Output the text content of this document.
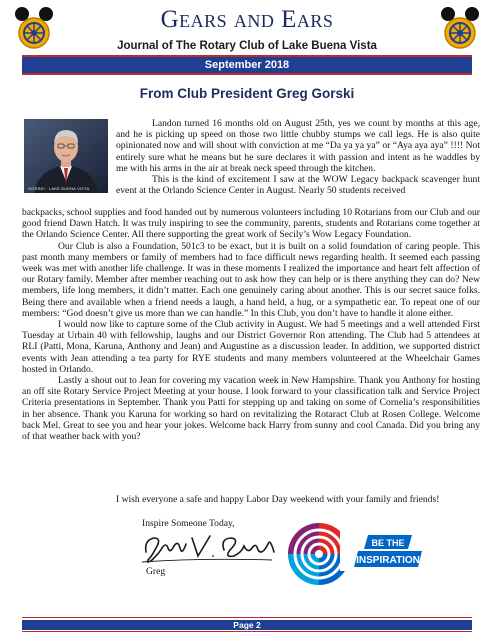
Gears and Ears
Journal of The Rotary Club of Lake Buena Vista
September 2018
From Club President Greg Gorski
GORSKI · LAKE BUENA VISTA

Landon turned 16 months old on August 25th, yes we count by months at this age, and he is picking up speed on those two little chubby stumps we call legs. He is also quite opinionated now and will shout with conviction at me “Da ya ya ya” or “Aya aya aya” !!!! Not entirely sure what he means but he sure declares it with passion and intent as he waddles by me with his arms in the air at break neck speed through the kitchen.

This is the kind of excitement I saw at the WOW Legacy backpack scavenger hunt event at the Orlando Science Center in August. Nearly 50 students received

backpacks, school supplies and food handed out by numerous volunteers including 10 Rotarians from our Club and our good friend Dawn Hatch. It was truly inspiring to see the community, parents, students and Rotarians come together at the Orlando Science Center. All there supporting the great work of Secily’s Wow Legacy Foundation.

Our Club is also a Foundation, 501c3 to be exact, but it is built on a solid foundation of caring people. This past month many members or family of members had to face difficult news regarding health. It seemed each passing week was met with another life challenge. It was in these moments I realized the importance and heart felt affection of our Rotary family. Member after member reaching out to ask how they can help or is there anything they can do? New members, life long members, it didn’t matter. Each one genuinely caring about another. This is our secret sauce folks. Being there and available when a friend needs a laugh, a hand held, a hug, or a sympathetic ear. To repeat one of our members: “God doesn’t give us more than we can handle.” In this Club, you don’t have to handle it alone either.

I would now like to capture some of the Club activity in August. We had 5 meetings and a well attended First Tuesday at Urbain 40 with fellowship, laughs and our District Governor Ron attending. The Club had 5 attendees at RLI (Patti, Mona, Karuna, Anthony and Jean) and Augustine as a discussion leader. In addition, we supported district events with Jean attending a tea party for RYE students and many members volunteered at the Wheelchair Games hosted in Orlando.

Lastly a shout out to Jean for covering my vacation week in New Hampshire. Thank you Anthony for hosting an off site Rotary Service Project Meeting at your house. I look forward to your classification talk and Service Project Criteria presentations in September. Thank you Patti for stepping up and taking on some of Cornelia’s responsibilities in her absence. Thank you Karuna for working so hard on revitalizing the Rotaract Club at Rosen College. Welcome back Mel. Great to see you and hear your jokes. Welcome back Harry from sunny and cool Canada. Did you bring any of that weather back with you?

I wish everyone a safe and happy Labor Day weekend with your family and friends!
Inspire Someone Today,
Greg
BE THE
INSPIRATION
Page 2
